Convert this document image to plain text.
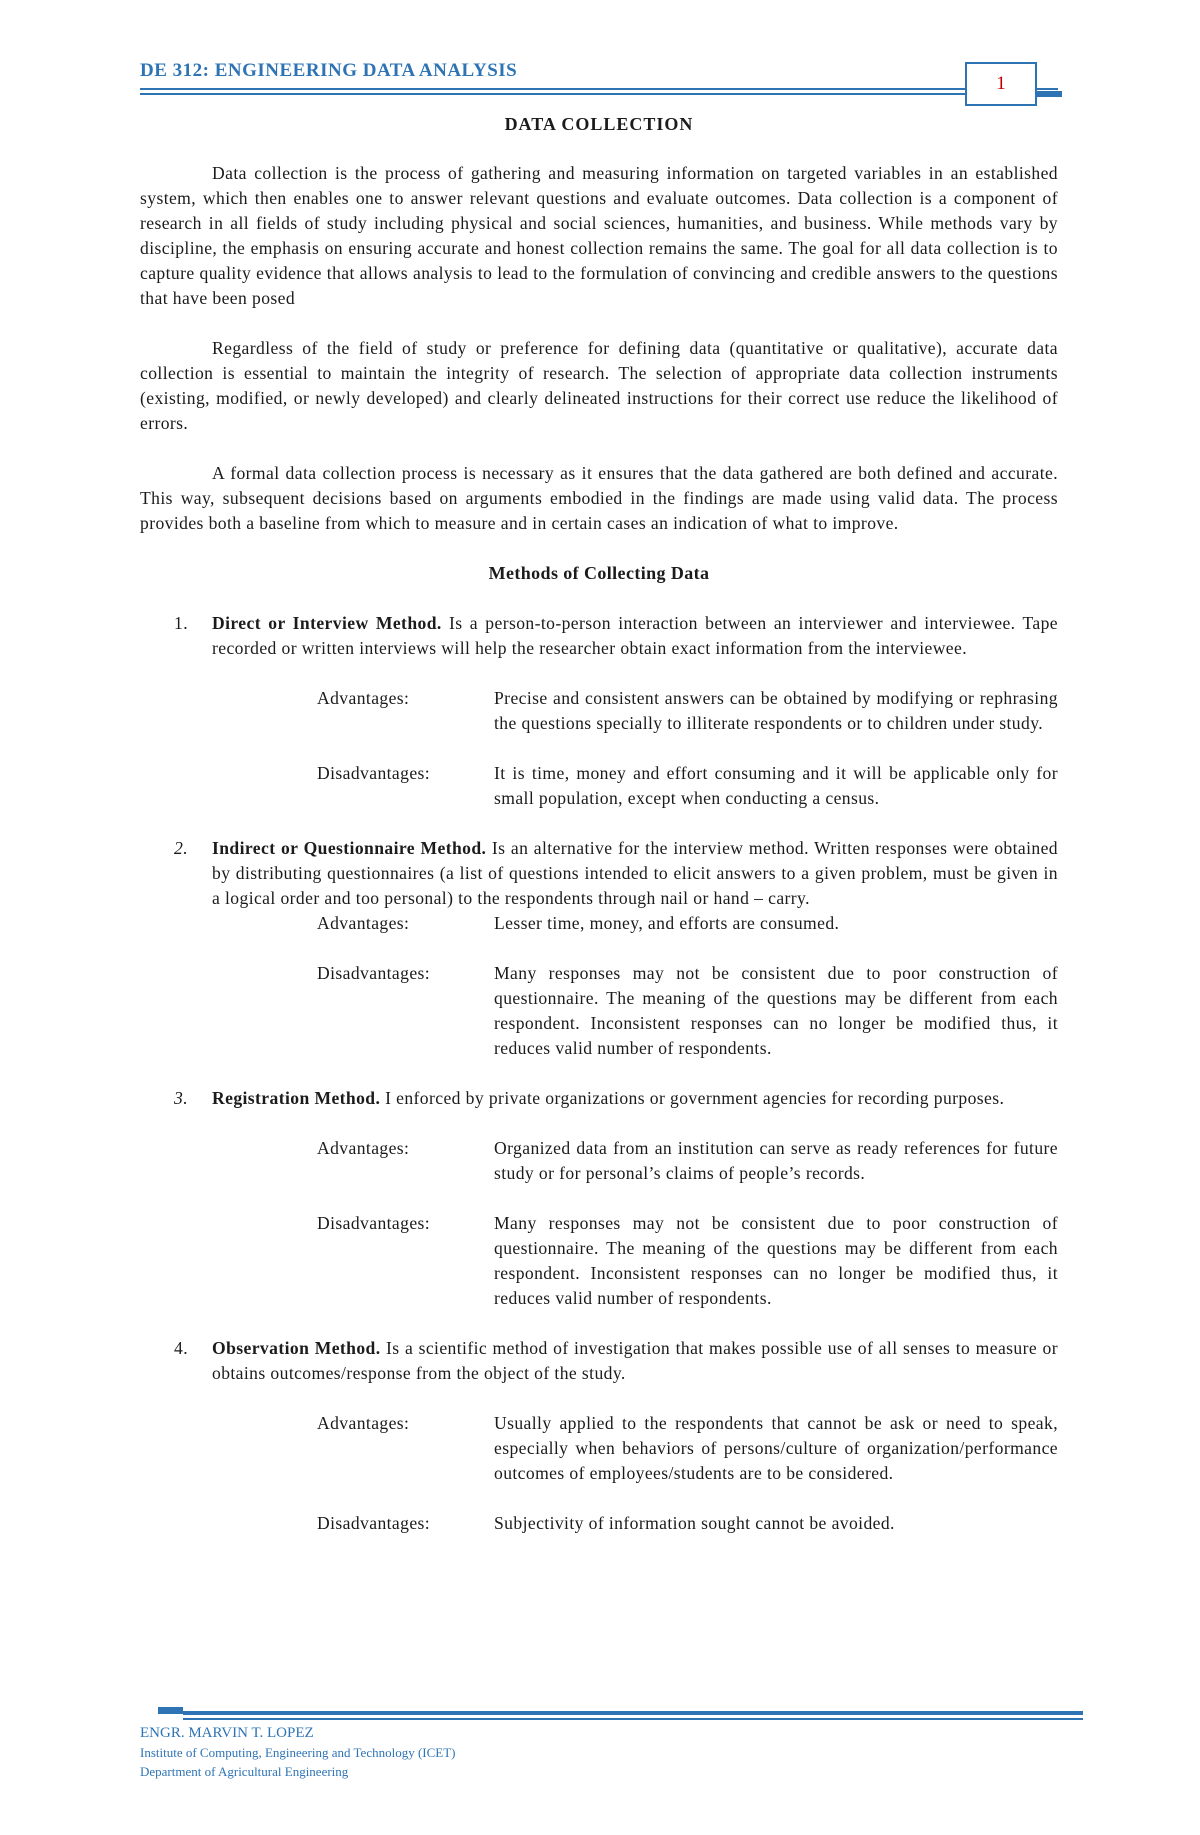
DE 312: ENGINEERING DATA ANALYSIS
1
DATA COLLECTION

Data collection is the process of gathering and measuring information on targeted variables in an established system, which then enables one to answer relevant questions and evaluate outcomes. Data collection is a component of research in all fields of study including physical and social sciences, humanities, and business. While methods vary by discipline, the emphasis on ensuring accurate and honest collection remains the same. The goal for all data collection is to capture quality evidence that allows analysis to lead to the formulation of convincing and credible answers to the questions that have been posed

Regardless of the field of study or preference for defining data (quantitative or qualitative), accurate data collection is essential to maintain the integrity of research. The selection of appropriate data collection instruments (existing, modified, or newly developed) and clearly delineated instructions for their correct use reduce the likelihood of errors.

A formal data collection process is necessary as it ensures that the data gathered are both defined and accurate. This way, subsequent decisions based on arguments embodied in the findings are made using valid data. The process provides both a baseline from which to measure and in certain cases an indication of what to improve.

Methods of Collecting Data
1. Direct or Interview Method. Is a person-to-person interaction between an interviewer and interviewee. Tape recorded or written interviews will help the researcher obtain exact information from the interviewee.
Advantages:	Precise and consistent answers can be obtained by modifying or rephrasing the questions specially to illiterate respondents or to children under study.
Disadvantages:	It is time, money and effort consuming and it will be applicable only for small population, except when conducting a census.
2. Indirect or Questionnaire Method. Is an alternative for the interview method. Written responses were obtained by distributing questionnaires (a list of questions intended to elicit answers to a given problem, must be given in a logical order and too personal) to the respondents through nail or hand – carry.
Advantages:	Lesser time, money, and efforts are consumed.
Disadvantages:	Many responses may not be consistent due to poor construction of questionnaire. The meaning of the questions may be different from each respondent. Inconsistent responses can no longer be modified thus, it reduces valid number of respondents.
3. Registration Method. I enforced by private organizations or government agencies for recording purposes.
Advantages:	Organized data from an institution can serve as ready references for future study or for personal’s claims of people’s records.
Disadvantages:	Many responses may not be consistent due to poor construction of questionnaire. The meaning of the questions may be different from each respondent. Inconsistent responses can no longer be modified thus, it reduces valid number of respondents.
4. Observation Method. Is a scientific method of investigation that makes possible use of all senses to measure or obtains outcomes/response from the object of the study.
Advantages:	Usually applied to the respondents that cannot be ask or need to speak, especially when behaviors of persons/culture of organization/performance outcomes of employees/students are to be considered.
Disadvantages:	Subjectivity of information sought cannot be avoided.
ENGR. MARVIN T. LOPEZ
Institute of Computing, Engineering and Technology (ICET)
Department of Agricultural Engineering
